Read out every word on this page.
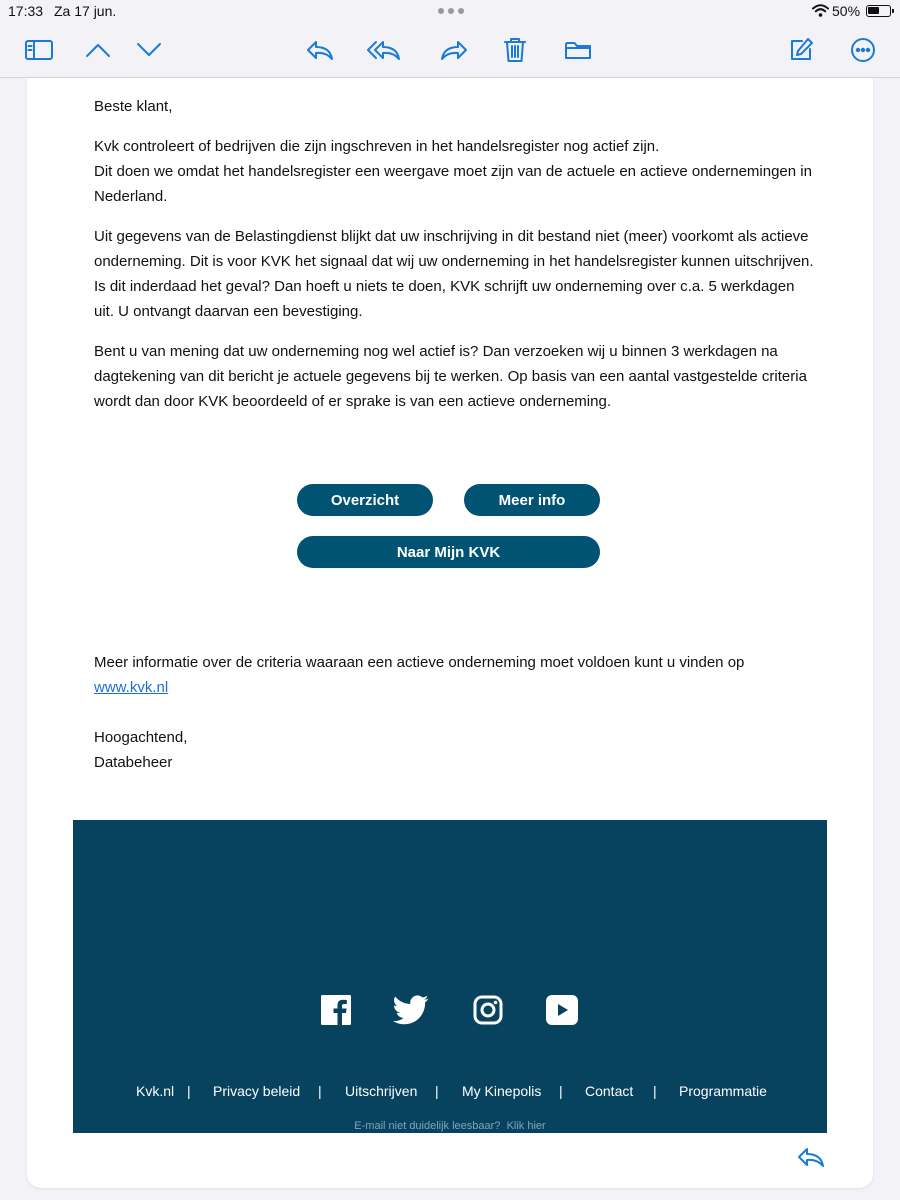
17:33 Za 17 jun.	50%
Beste klant,
Kvk controleert of bedrijven die zijn ingschreven in het handelsregister nog actief zijn.
Dit doen we omdat het handelsregister een weergave moet zijn van de actuele en actieve ondernemingen in Nederland.
Uit gegevens van de Belastingdienst blijkt dat uw inschrijving in dit bestand niet (meer) voorkomt als actieve onderneming. Dit is voor KVK het signaal dat wij uw onderneming in het handelsregister kunnen uitschrijven. Is dit inderdaad het geval? Dan hoeft u niets te doen, KVK schrijft uw onderneming over c.a. 5 werkdagen uit. U ontvangt daarvan een bevestiging.
Bent u van mening dat uw onderneming nog wel actief is? Dan verzoeken wij u binnen 3 werkdagen na dagtekening van dit bericht je actuele gegevens bij te werken. Op basis van een aantal vastgestelde criteria wordt dan door KVK beoordeeld of er sprake is van een actieve onderneming.
Overzicht	Meer info
Naar Mijn KVK
Meer informatie over de criteria waaraan een actieve onderneming moet voldoen kunt u vinden op
www.kvk.nl
Hoogachtend,
Databeheer
Kvk.nl | Privacy beleid | Uitschrijven | My Kinepolis | Contact | Programmatie
E-mail niet duidelijk leesbaar? Klik hier
